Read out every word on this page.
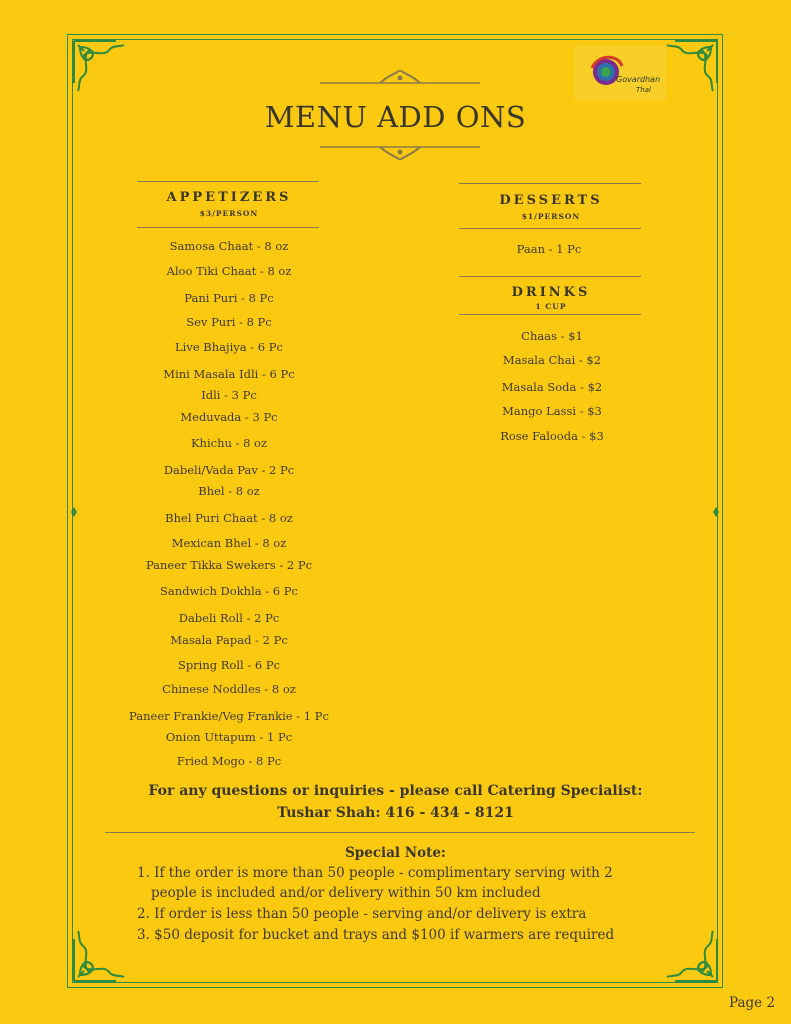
Govardhan
Thal
MENU ADD ONS
APPETIZERS
$3/PERSON
Samosa Chaat - 8 oz
Aloo Tiki Chaat - 8 oz
Pani Puri - 8 Pc
Sev Puri - 8 Pc
Live Bhajiya - 6 Pc
Mini Masala Idli - 6 Pc
Idli - 3 Pc
Meduvada - 3 Pc
Khichu - 8 oz
Dabeli/Vada Pav - 2 Pc
Bhel - 8 oz
Bhel Puri Chaat - 8 oz
Mexican Bhel - 8 oz
Paneer Tikka Swekers - 2 Pc
Sandwich Dokhla - 6 Pc
Dabeli Roll - 2 Pc
Masala Papad - 2 Pc
Spring Roll - 6 Pc
Chinese Noddles - 8 oz
Paneer Frankie/Veg Frankie - 1 Pc
Onion Uttapum - 1 Pc
Fried Mogo - 8 Pc
DESSERTS
$1/PERSON
Paan - 1 Pc
DRINKS
1 CUP
Chaas - $1
Masala Chai - $2
Masala Soda - $2
Mango Lassi - $3
Rose Falooda - $3
For any questions or inquiries - please call Catering Specialist:
Tushar Shah: 416 - 434 - 8121
Special Note:
1. If the order is more than 50 people - complimentary serving with 2
people is included and/or delivery within 50 km included
2. If order is less than 50 people - serving and/or delivery is extra
3. $50 deposit for bucket and trays and $100 if warmers are required
Page 2
